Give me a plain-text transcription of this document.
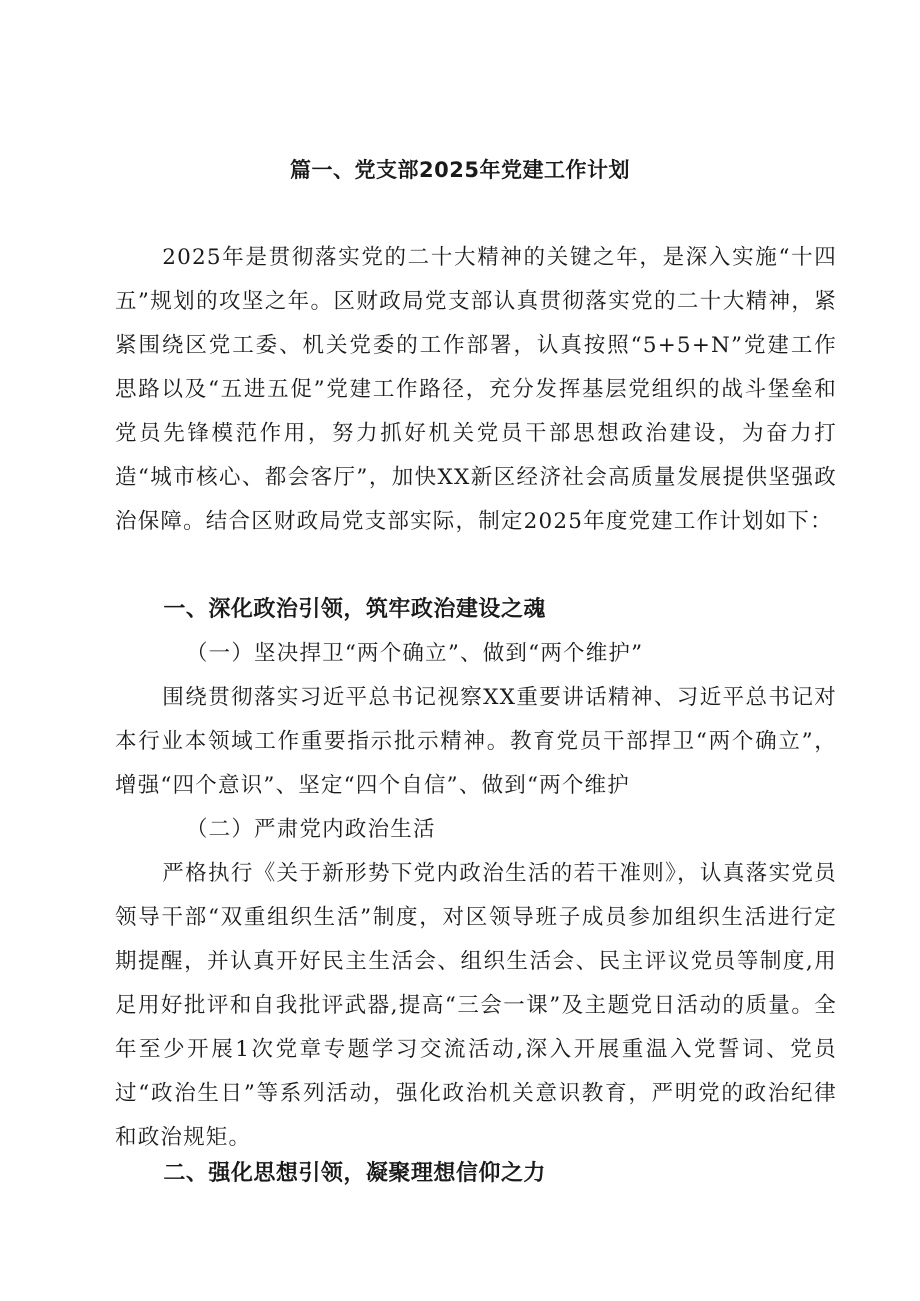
篇一、党支部2025年党建工作计划

2025年是贯彻落实党的二十大精神的关键之年，是深入实施“十四五”规划的攻坚之年。区财政局党支部认真贯彻落实党的二十大精神，紧紧围绕区党工委、机关党委的工作部署，认真按照“5+5+N”党建工作思路以及“五进五促”党建工作路径，充分发挥基层党组织的战斗堡垒和党员先锋模范作用，努力抓好机关党员干部思想政治建设，为奋力打造“城市核心、都会客厅”，加快XX新区经济社会高质量发展提供坚强政治保障。结合区财政局党支部实际，制定2025年度党建工作计划如下：

一、深化政治引领，筑牢政治建设之魂

（一）坚决捍卫“两个确立”、做到“两个维护”

围绕贯彻落实习近平总书记视察XX重要讲话精神、习近平总书记对本行业本领域工作重要指示批示精神。教育党员干部捍卫“两个确立”，增强“四个意识”、坚定“四个自信”、做到“两个维护

（二）严肃党内政治生活

严格执行《关于新形势下党内政治生活的若干准则》，认真落实党员领导干部“双重组织生活”制度，对区领导班子成员参加组织生活进行定期提醒，并认真开好民主生活会、组织生活会、民主评议党员等制度,用足用好批评和自我批评武器,提高“三会一课”及主题党日活动的质量。全年至少开展1次党章专题学习交流活动,深入开展重温入党誓词、党员过“政治生日”等系列活动，强化政治机关意识教育，严明党的政治纪律和政治规矩。

二、强化思想引领，凝聚理想信仰之力
